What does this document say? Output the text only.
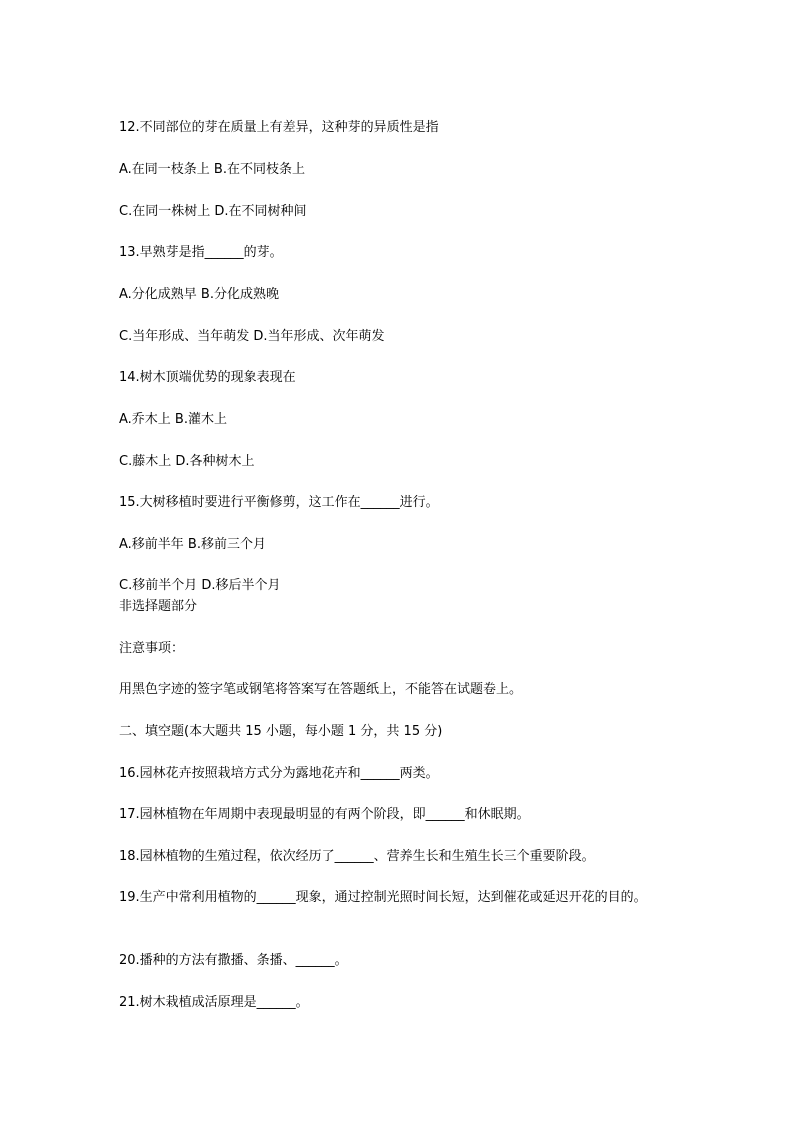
12.不同部位的芽在质量上有差异，这种芽的异质性是指
A.在同一枝条上 B.在不同枝条上
C.在同一株树上 D.在不同树种间
13.早熟芽是指______的芽。
A.分化成熟早 B.分化成熟晚
C.当年形成、当年萌发 D.当年形成、次年萌发
14.树木顶端优势的现象表现在
A.乔木上 B.灌木上
C.藤木上 D.各种树木上
15.大树移植时要进行平衡修剪，这工作在______进行。
A.移前半年 B.移前三个月
C.移前半个月 D.移后半个月
非选择题部分
注意事项：
用黑色字迹的签字笔或钢笔将答案写在答题纸上，不能答在试题卷上。
二、填空题(本大题共 15 小题，每小题 1 分，共 15 分)
16.园林花卉按照栽培方式分为露地花卉和______两类。
17.园林植物在年周期中表现最明显的有两个阶段，即______和休眠期。
18.园林植物的生殖过程，依次经历了______、营养生长和生殖生长三个重要阶段。
19.生产中常利用植物的______现象，通过控制光照时间长短，达到催花或延迟开花的目的。
20.播种的方法有撒播、条播、______。
21.树木栽植成活原理是______。
